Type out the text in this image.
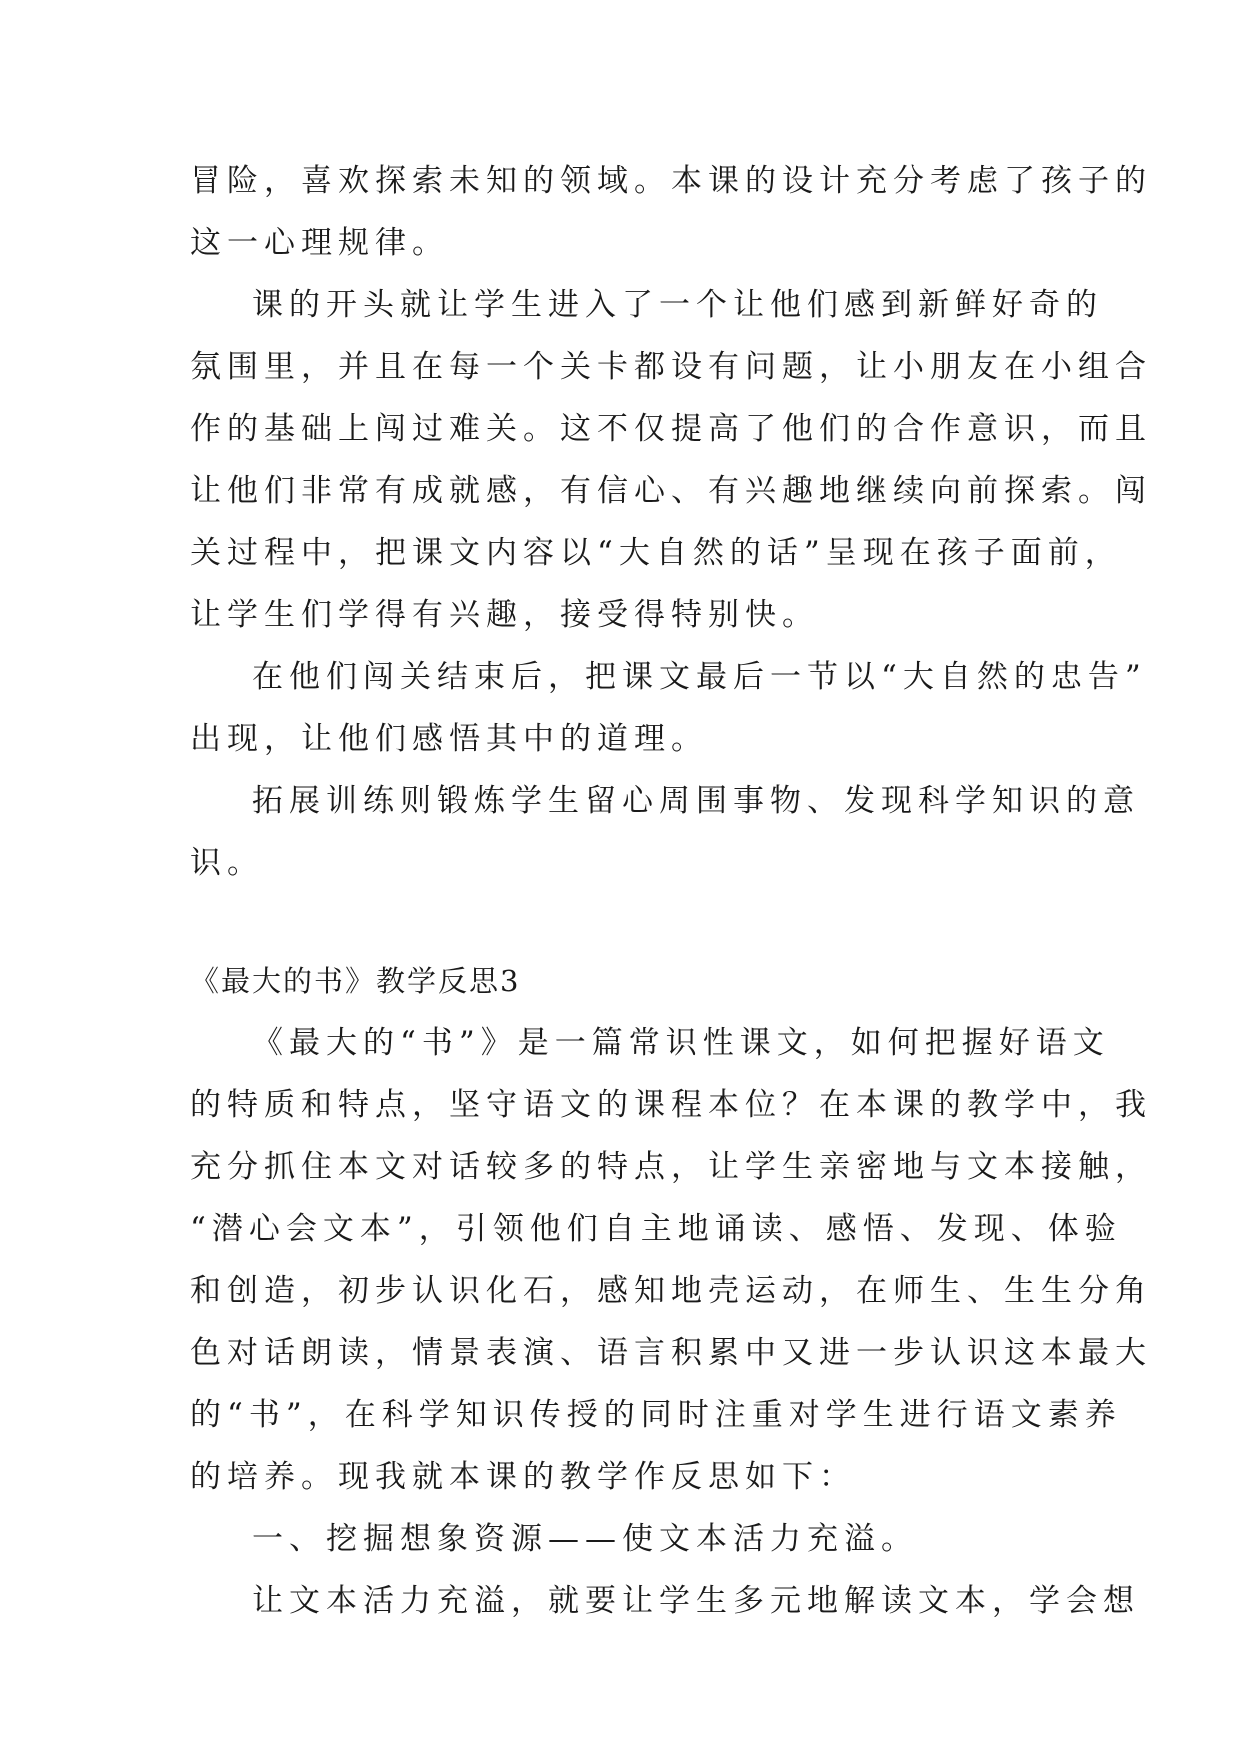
冒险，喜欢探索未知的领域。本课的设计充分考虑了孩子的
这一心理规律。
课的开头就让学生进入了一个让他们感到新鲜好奇的
氛围里，并且在每一个关卡都设有问题，让小朋友在小组合
作的基础上闯过难关。这不仅提高了他们的合作意识，而且
让他们非常有成就感，有信心、有兴趣地继续向前探索。闯
关过程中，把课文内容以“大自然的话”呈现在孩子面前，
让学生们学得有兴趣，接受得特别快。
在他们闯关结束后，把课文最后一节以“大自然的忠告”
出现，让他们感悟其中的道理。
拓展训练则锻炼学生留心周围事物、发现科学知识的意
识。
《最大的书》教学反思3
《最大的“书”》是一篇常识性课文，如何把握好语文
的特质和特点，坚守语文的课程本位？在本课的教学中，我
充分抓住本文对话较多的特点，让学生亲密地与文本接触，
“潜心会文本”，引领他们自主地诵读、感悟、发现、体验
和创造，初步认识化石，感知地壳运动，在师生、生生分角
色对话朗读，情景表演、语言积累中又进一步认识这本最大
的“书”，在科学知识传授的同时注重对学生进行语文素养
的培养。现我就本课的教学作反思如下：
一、挖掘想象资源——使文本活力充溢。
让文本活力充溢，就要让学生多元地解读文本，学会想
